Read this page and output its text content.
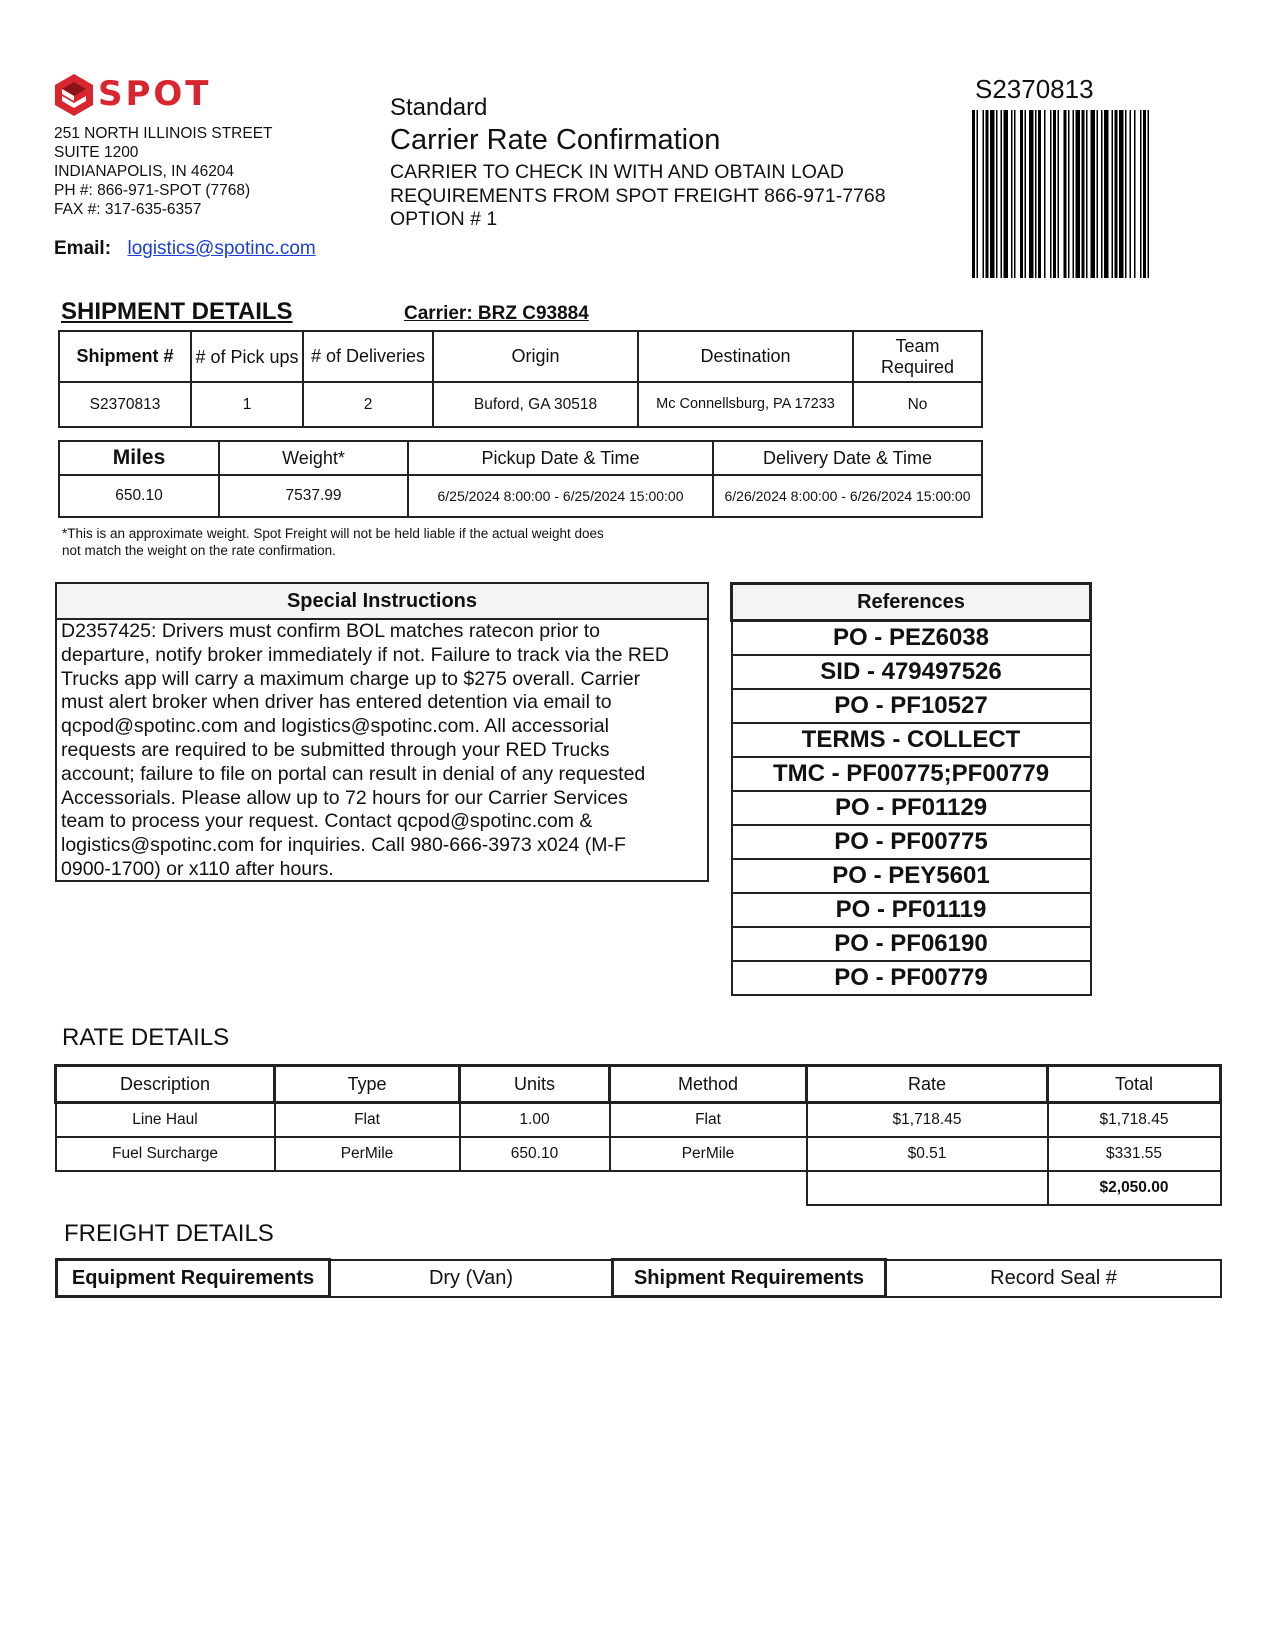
SPOT
251 NORTH ILLINOIS STREET
SUITE 1200
INDIANAPOLIS, IN 46204
PH #: 866-971-SPOT (7768)
FAX #: 317-635-6357
Email: logistics@spotinc.com
Standard
Carrier Rate Confirmation
CARRIER TO CHECK IN WITH AND OBTAIN LOAD
REQUIREMENTS FROM SPOT FREIGHT 866-971-7768
OPTION # 1
S2370813
SHIPMENT DETAILS	Carrier: BRZ C93884
Shipment #	# of Pick ups	# of Deliveries	Origin	Destination	Team Required
S2370813	1	2	Buford, GA 30518	Mc Connellsburg, PA 17233	No
Miles	Weight*	Pickup Date & Time	Delivery Date & Time
650.10	7537.99	6/25/2024 8:00:00 - 6/25/2024 15:00:00	6/26/2024 8:00:00 - 6/26/2024 15:00:00
*This is an approximate weight. Spot Freight will not be held liable if the actual weight does
not match the weight on the rate confirmation.
Special Instructions
D2357425: Drivers must confirm BOL matches ratecon prior to
departure, notify broker immediately if not. Failure to track via the RED
Trucks app will carry a maximum charge up to $275 overall. Carrier
must alert broker when driver has entered detention via email to
qcpod@spotinc.com and logistics@spotinc.com. All accessorial
requests are required to be submitted through your RED Trucks
account; failure to file on portal can result in denial of any requested
Accessorials. Please allow up to 72 hours for our Carrier Services
team to process your request. Contact qcpod@spotinc.com &
logistics@spotinc.com for inquiries. Call 980-666-3973 x024 (M-F
0900-1700) or x110 after hours.
References
PO - PEZ6038
SID - 479497526
PO - PF10527
TERMS - COLLECT
TMC - PF00775;PF00779
PO - PF01129
PO - PF00775
PO - PEY5601
PO - PF01119
PO - PF06190
PO - PF00779
RATE DETAILS
Description	Type	Units	Method	Rate	Total
Line Haul	Flat	1.00	Flat	$1,718.45	$1,718.45
Fuel Surcharge	PerMile	650.10	PerMile	$0.51	$331.55
					$2,050.00
FREIGHT DETAILS
Equipment Requirements	Dry (Van)	Shipment Requirements	Record Seal #
